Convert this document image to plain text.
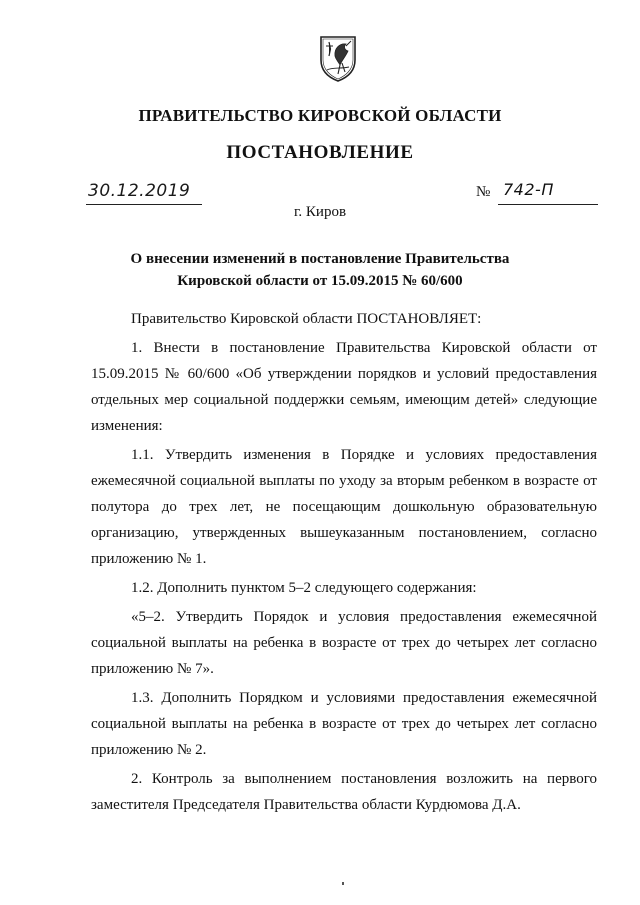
ПРАВИТЕЛЬСТВО КИРОВСКОЙ ОБЛАСТИ
ПОСТАНОВЛЕНИЕ
30.12.2019	№ 742-П
г. Киров
О внесении изменений в постановление Правительства
Кировской области от 15.09.2015 № 60/600

Правительство Кировской области ПОСТАНОВЛЯЕТ:

1. Внести в постановление Правительства Кировской области от 15.09.2015 № 60/600 «Об утверждении порядков и условий предоставления отдельных мер социальной поддержки семьям, имеющим детей» следующие изменения:

1.1. Утвердить изменения в Порядке и условиях предоставления ежемесячной социальной выплаты по уходу за вторым ребенком в возрасте от полутора до трех лет, не посещающим дошкольную образовательную организацию, утвержденных вышеуказанным постановлением, согласно приложению № 1.

1.2. Дополнить пунктом 5–2 следующего содержания:

«5–2. Утвердить Порядок и условия предоставления ежемесячной социальной выплаты на ребенка в возрасте от трех до четырех лет согласно приложению № 7».

1.3. Дополнить Порядком и условиями предоставления ежемесячной социальной выплаты на ребенка в возрасте от трех до четырех лет согласно приложению № 2.

2. Контроль за выполнением постановления возложить на первого заместителя Председателя Правительства области Курдюмова Д.А.
